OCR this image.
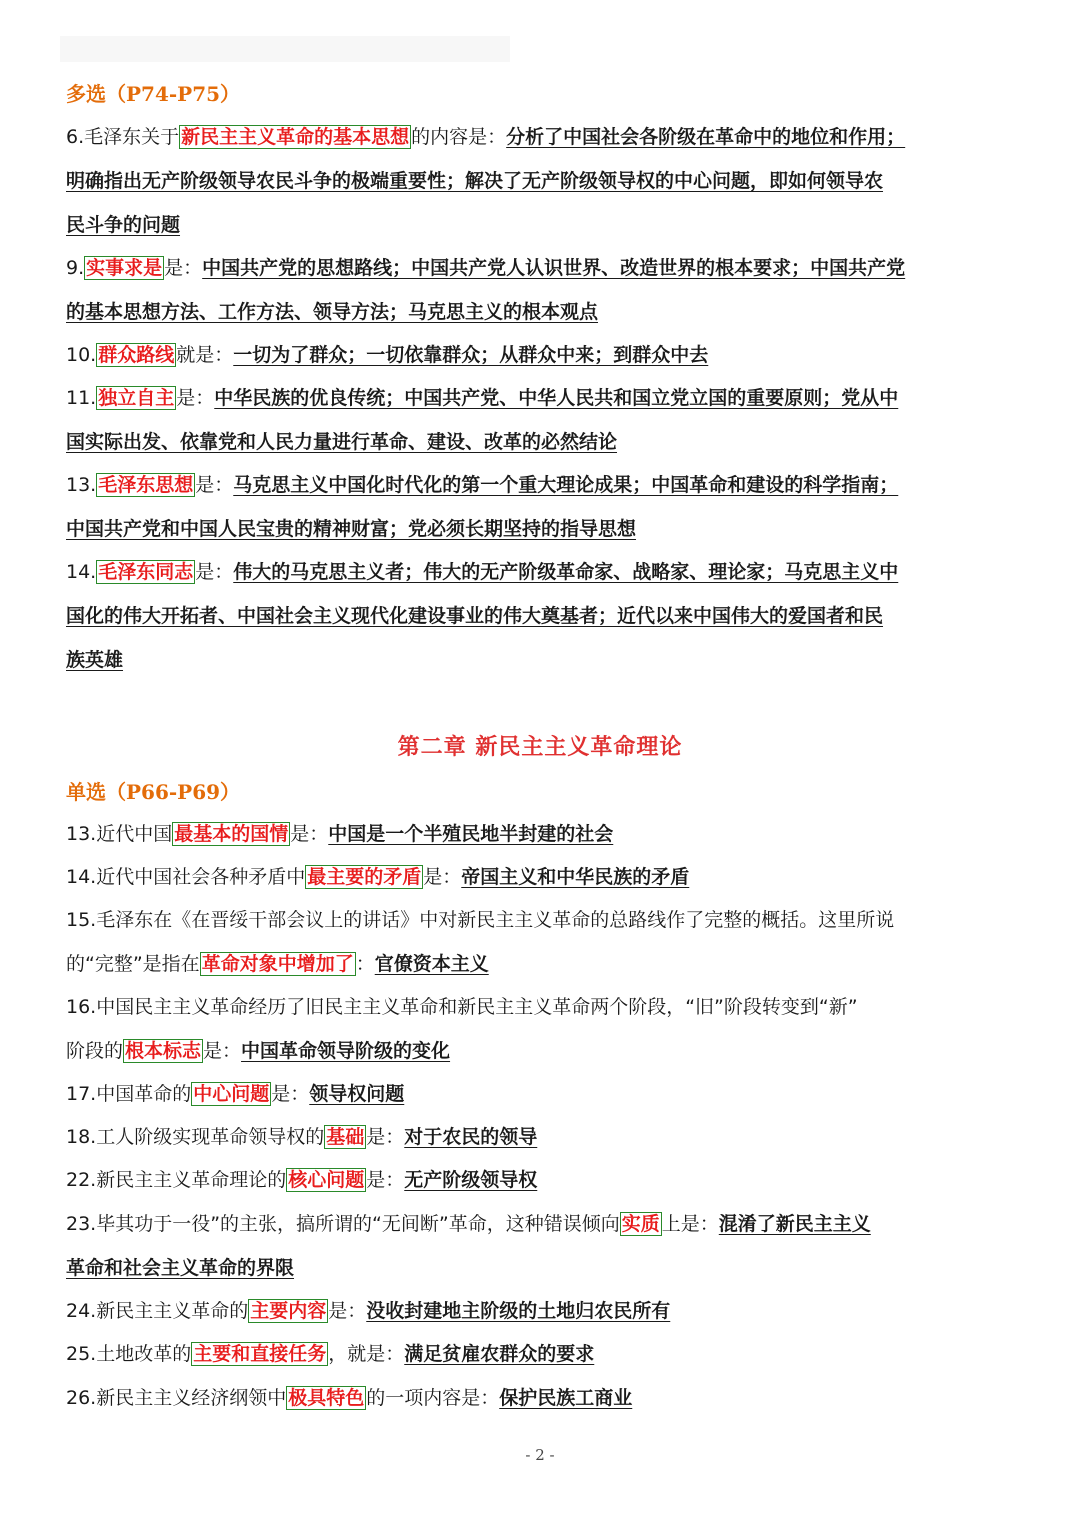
多选（P74-P75）
6.毛泽东关于 新民主主义革命的基本思想 的内容是：分析了中国社会各阶级在革命中的地位和作用；
明确指出无产阶级领导农民斗争的极端重要性；解决了无产阶级领导权的中心问题，即如何领导农
民斗争的问题
9. 实事求是 是：中国共产党的思想路线；中国共产党人认识世界、改造世界的根本要求；中国共产党
的基本思想方法、工作方法、领导方法；马克思主义的根本观点
10. 群众路线 就是：一切为了群众；一切依靠群众；从群众中来；到群众中去
11. 独立自主 是：中华民族的优良传统；中国共产党、中华人民共和国立党立国的重要原则；党从中
国实际出发、依靠党和人民力量进行革命、建设、改革的必然结论
13. 毛泽东思想 是：马克思主义中国化时代化的第一个重大理论成果；中国革命和建设的科学指南；
中国共产党和中国人民宝贵的精神财富；党必须长期坚持的指导思想
14. 毛泽东同志 是：伟大的马克思主义者；伟大的无产阶级革命家、战略家、理论家；马克思主义中
国化的伟大开拓者、中国社会主义现代化建设事业的伟大奠基者；近代以来中国伟大的爱国者和民
族英雄
第二章 新民主主义革命理论
单选（P66-P69）
13.近代中国 最基本的国情 是：中国是一个半殖民地半封建的社会
14.近代中国社会各种矛盾中 最主要的矛盾 是：帝国主义和中华民族的矛盾
15.毛泽东在《在晋绥干部会议上的讲话》中对新民主主义革命的总路线作了完整的概括。这里所说
的“完整”是指在 革命对象中增加了 ：官僚资本主义
16.中国民主主义革命经历了旧民主主义革命和新民主主义革命两个阶段，“旧”阶段转变到“新”
阶段的 根本标志 是：中国革命领导阶级的变化
17.中国革命的 中心问题 是：领导权问题
18.工人阶级实现革命领导权的 基础 是：对于农民的领导
22.新民主主义革命理论的 核心问题 是：无产阶级领导权
23.毕其功于一役”的主张，搞所谓的“无间断”革命，这种错误倾向 实质 上是：混淆了新民主主义
革命和社会主义革命的界限
24.新民主主义革命的 主要内容 是：没收封建地主阶级的土地归农民所有
25.土地改革的 主要和直接任务 ，就是：满足贫雇农群众的要求
26.新民主主义经济纲领中 极具特色 的一项内容是：保护民族工商业
- 2 -
